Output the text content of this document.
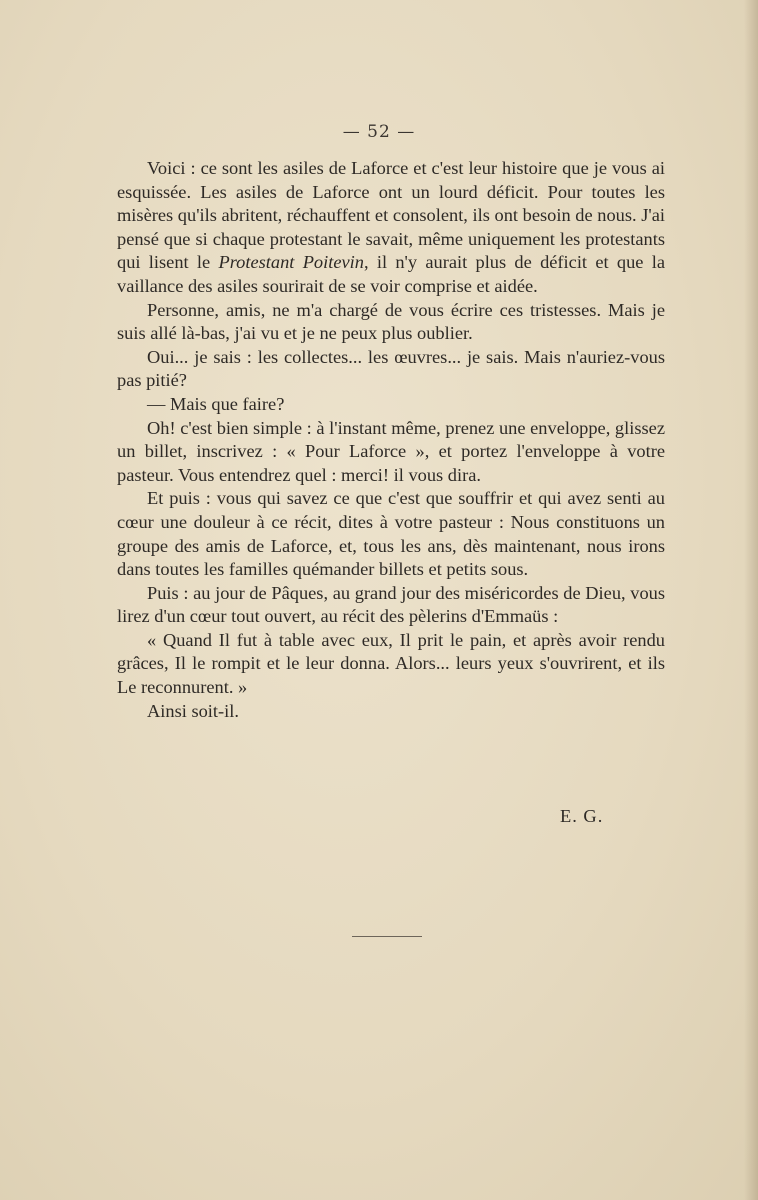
— 52 —

Voici : ce sont les asiles de Laforce et c'est leur histoire que je vous ai esquissée. Les asiles de Laforce ont un lourd déficit. Pour toutes les misères qu'ils abritent, réchauffent et consolent, ils ont besoin de nous. J'ai pensé que si chaque protestant le savait, même uniquement les protestants qui lisent le Protestant Poitevin, il n'y aurait plus de déficit et que la vaillance des asiles sourirait de se voir comprise et aidée.

Personne, amis, ne m'a chargé de vous écrire ces tristesses. Mais je suis allé là-bas, j'ai vu et je ne peux plus oublier.

Oui... je sais : les collectes... les œuvres... je sais. Mais n'auriez-vous pas pitié?

— Mais que faire?

Oh! c'est bien simple : à l'instant même, prenez une enveloppe, glissez un billet, inscrivez : « Pour Laforce », et portez l'enveloppe à votre pasteur. Vous entendrez quel : merci! il vous dira.

Et puis : vous qui savez ce que c'est que souffrir et qui avez senti au cœur une douleur à ce récit, dites à votre pasteur : Nous constituons un groupe des amis de Laforce, et, tous les ans, dès maintenant, nous irons dans toutes les familles quémander billets et petits sous.

Puis : au jour de Pâques, au grand jour des miséricordes de Dieu, vous lirez d'un cœur tout ouvert, au récit des pèlerins d'Emmaüs :

« Quand Il fut à table avec eux, Il prit le pain, et après avoir rendu grâces, Il le rompit et le leur donna. Alors... leurs yeux s'ouvrirent, et ils Le reconnurent. »

Ainsi soit-il.

E. G.
